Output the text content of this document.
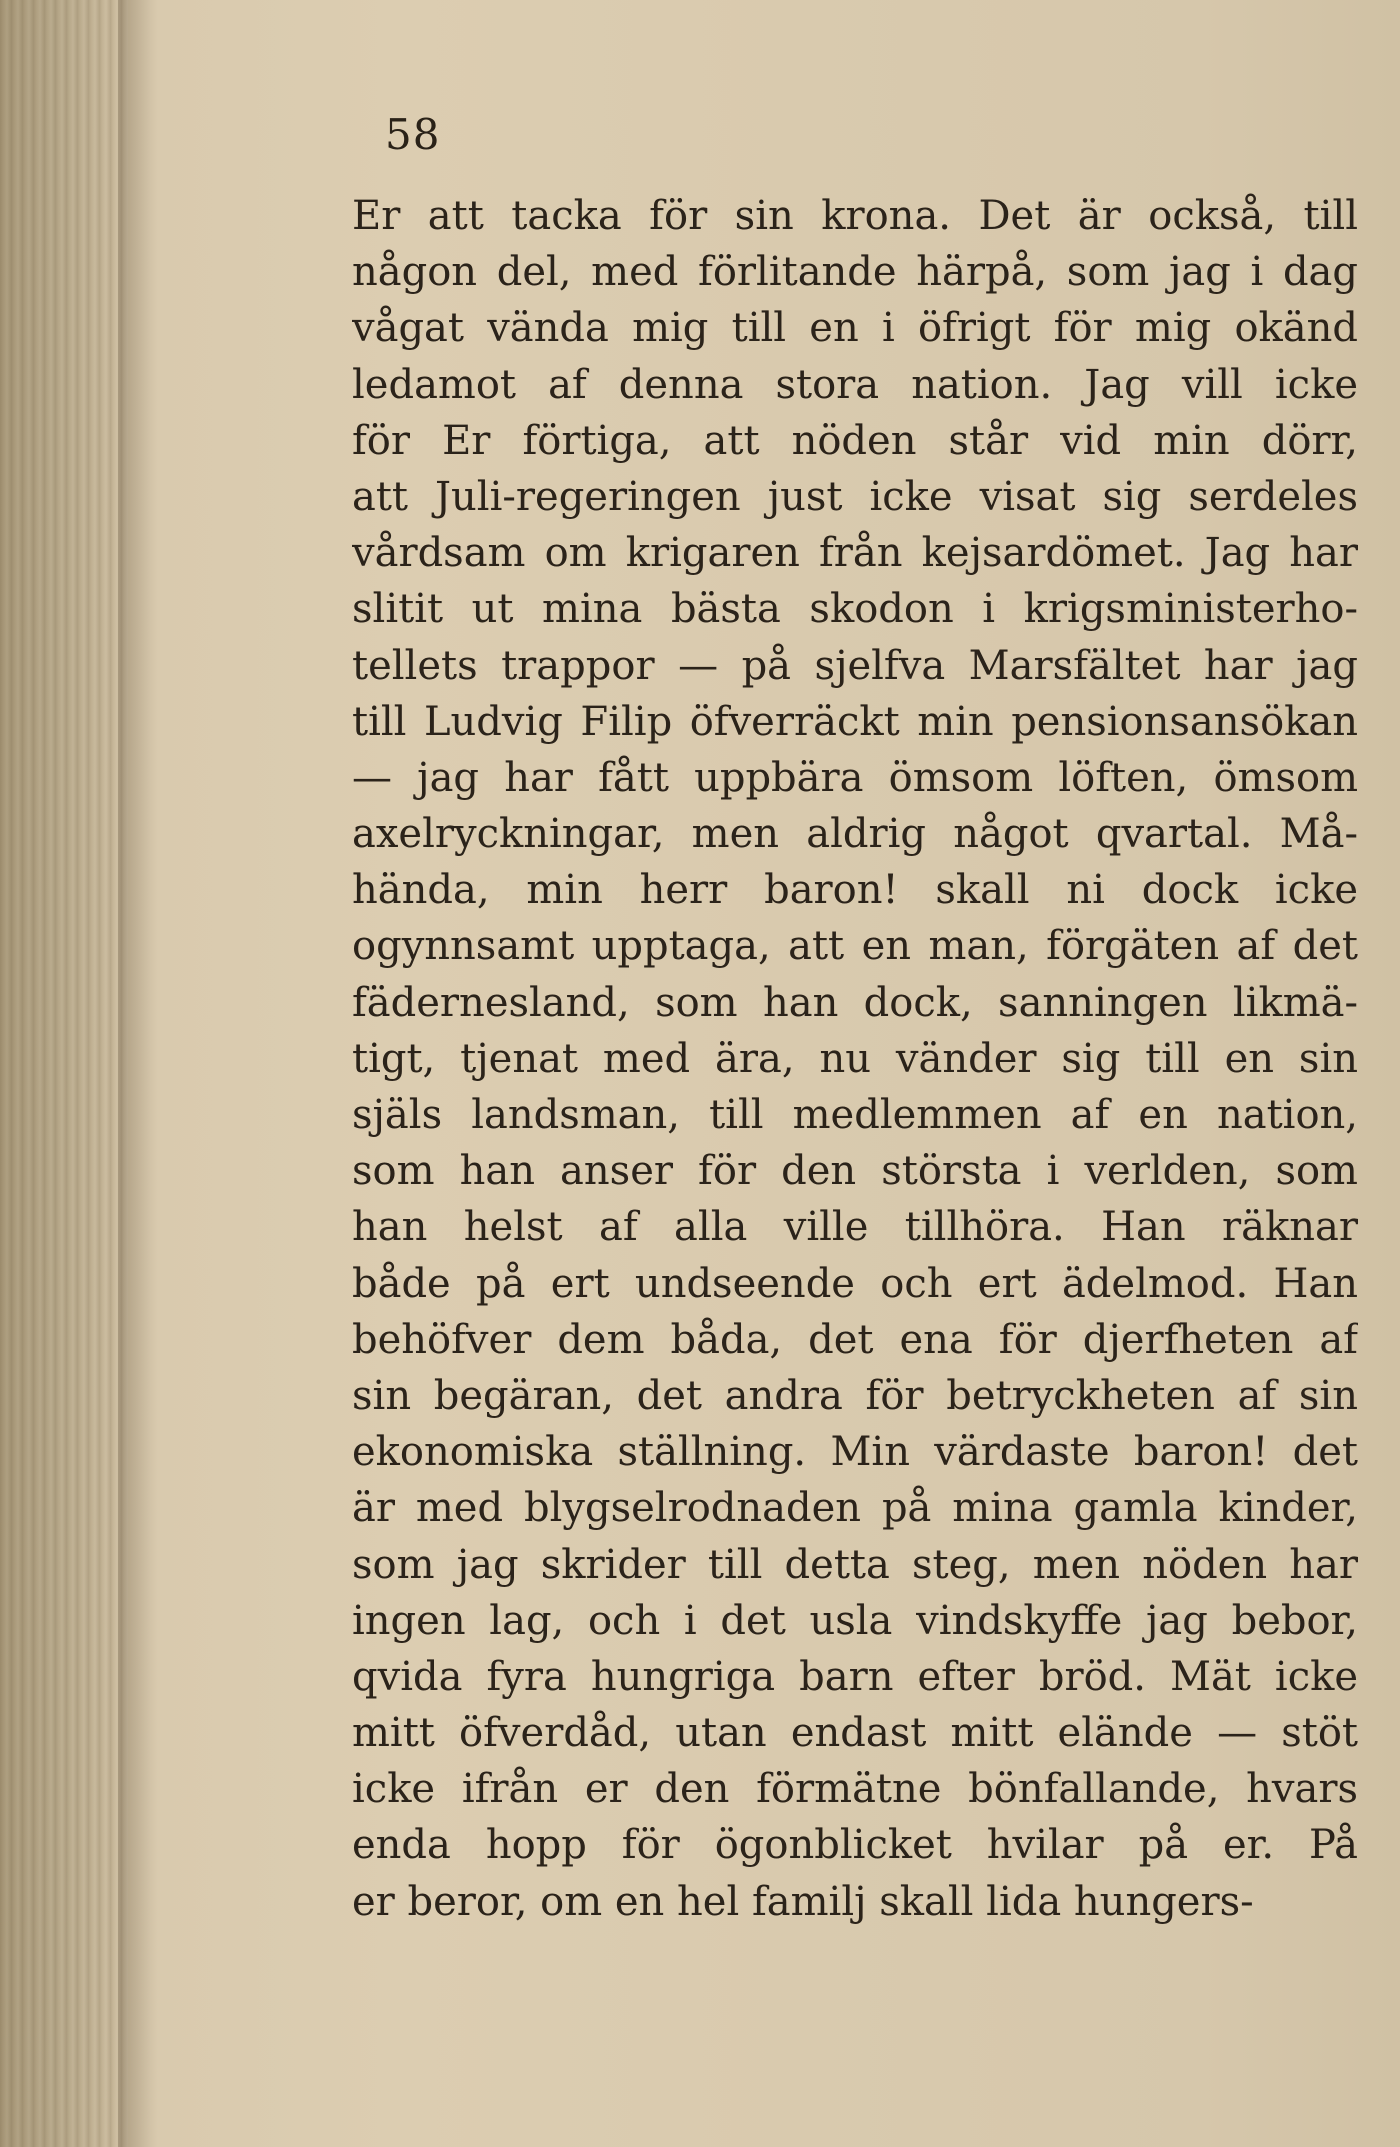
58
Er att tacka för sin krona. Det är också, till
någon del, med förlitande härpå, som jag i dag
vågat vända mig till en i öfrigt för mig okänd
ledamot af denna stora nation. Jag vill icke
för Er förtiga, att nöden står vid min dörr,
att Juli-regeringen just icke visat sig serdeles
vårdsam om krigaren från kejsardömet. Jag har
slitit ut mina bästa skodon i krigsministerho-
tellets trappor — på sjelfva Marsfältet har jag
till Ludvig Filip öfverräckt min pensionsansökan
— jag har fått uppbära ömsom löften, ömsom
axelryckningar, men aldrig något qvartal. Må-
hända, min herr baron! skall ni dock icke
ogynnsamt upptaga, att en man, förgäten af det
fädernesland, som han dock, sanningen likmä-
tigt, tjenat med ära, nu vänder sig till en sin
själs landsman, till medlemmen af en nation,
som han anser för den största i verlden, som
han helst af alla ville tillhöra. Han räknar
både på ert undseende och ert ädelmod. Han
behöfver dem båda, det ena för djerfheten af
sin begäran, det andra för betryckheten af sin
ekonomiska ställning. Min värdaste baron! det
är med blygselrodnaden på mina gamla kinder,
som jag skrider till detta steg, men nöden har
ingen lag, och i det usla vindskyffe jag bebor,
qvida fyra hungriga barn efter bröd. Mät icke
mitt öfverdåd, utan endast mitt elände — stöt
icke ifrån er den förmätne bönfallande, hvars
enda hopp för ögonblicket hvilar på er. På
er beror, om en hel familj skall lida hungers-
